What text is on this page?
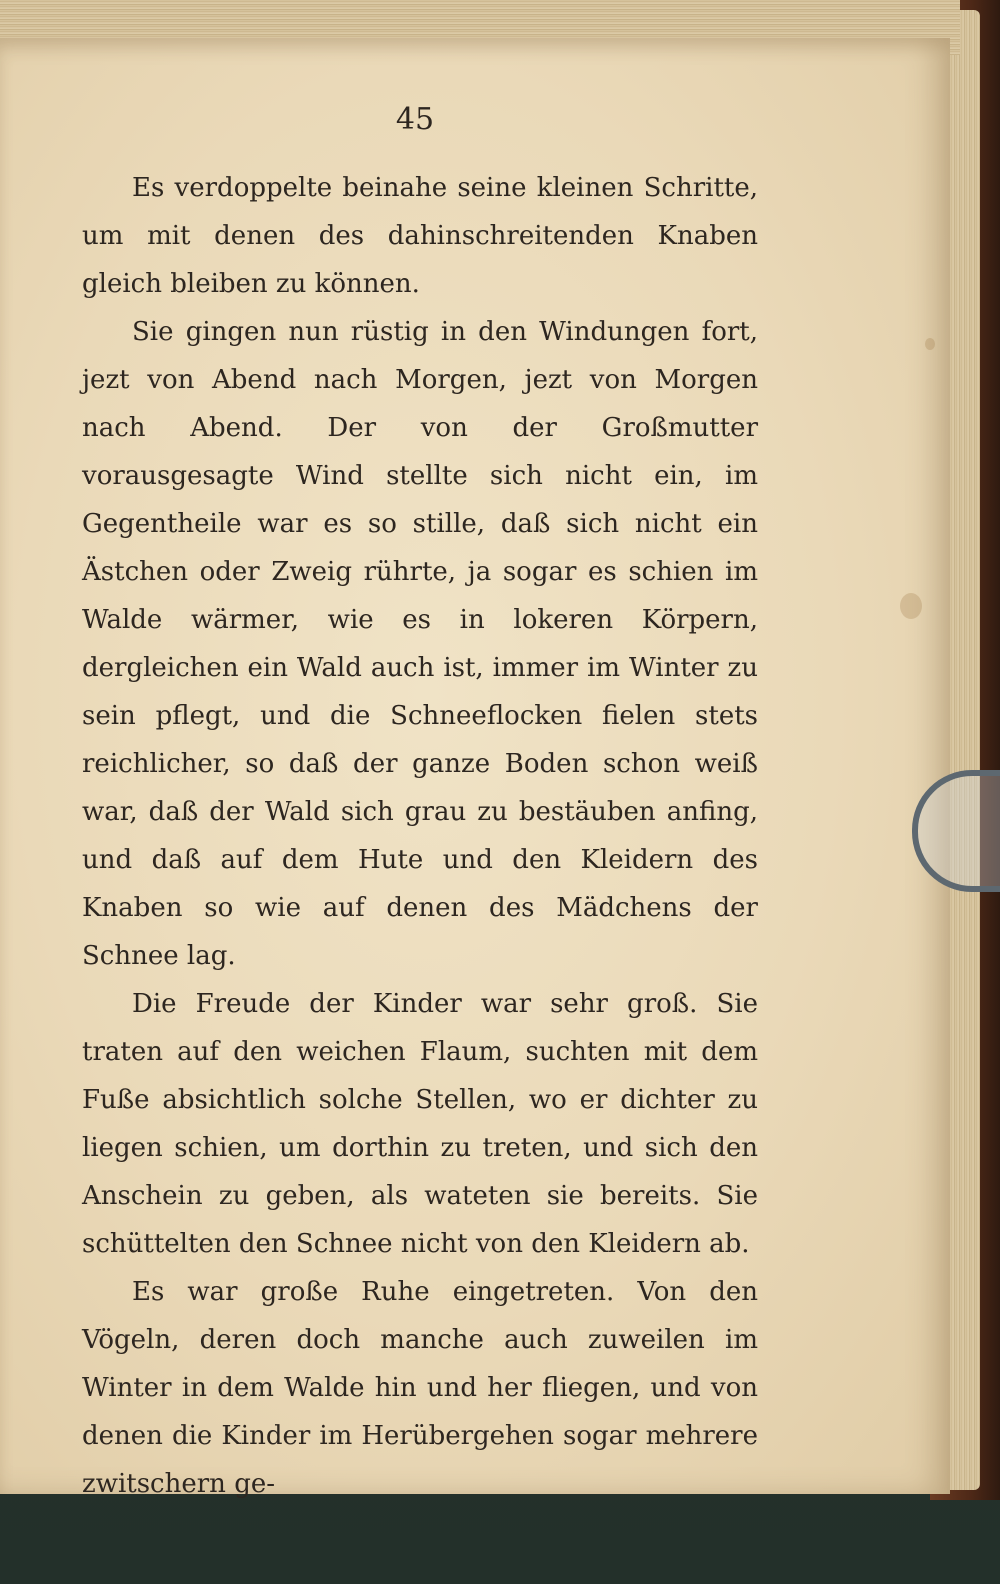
45

Es verdoppelte beinahe seine kleinen Schritte, um mit denen des dahinschreitenden Knaben gleich bleiben zu können.

Sie gingen nun rüstig in den Windungen fort, jezt von Abend nach Morgen, jezt von Morgen nach Abend. Der von der Großmutter vorausgesagte Wind stellte sich nicht ein, im Gegentheile war es so stille, daß sich nicht ein Ästchen oder Zweig rührte, ja sogar es schien im Walde wärmer, wie es in lokeren Körpern, dergleichen ein Wald auch ist, immer im Winter zu sein pflegt, und die Schneeflocken fielen stets reichlicher, so daß der ganze Boden schon weiß war, daß der Wald sich grau zu bestäuben anfing, und daß auf dem Hute und den Kleidern des Knaben so wie auf denen des Mädchens der Schnee lag.

Die Freude der Kinder war sehr groß. Sie traten auf den weichen Flaum, suchten mit dem Fuße absichtlich solche Stellen, wo er dichter zu liegen schien, um dorthin zu treten, und sich den Anschein zu geben, als wateten sie bereits. Sie schüttelten den Schnee nicht von den Kleidern ab.

Es war große Ruhe eingetreten. Von den Vögeln, deren doch manche auch zuweilen im Winter in dem Walde hin und her fliegen, und von denen die Kinder im Herübergehen sogar mehrere zwitschern ge-
